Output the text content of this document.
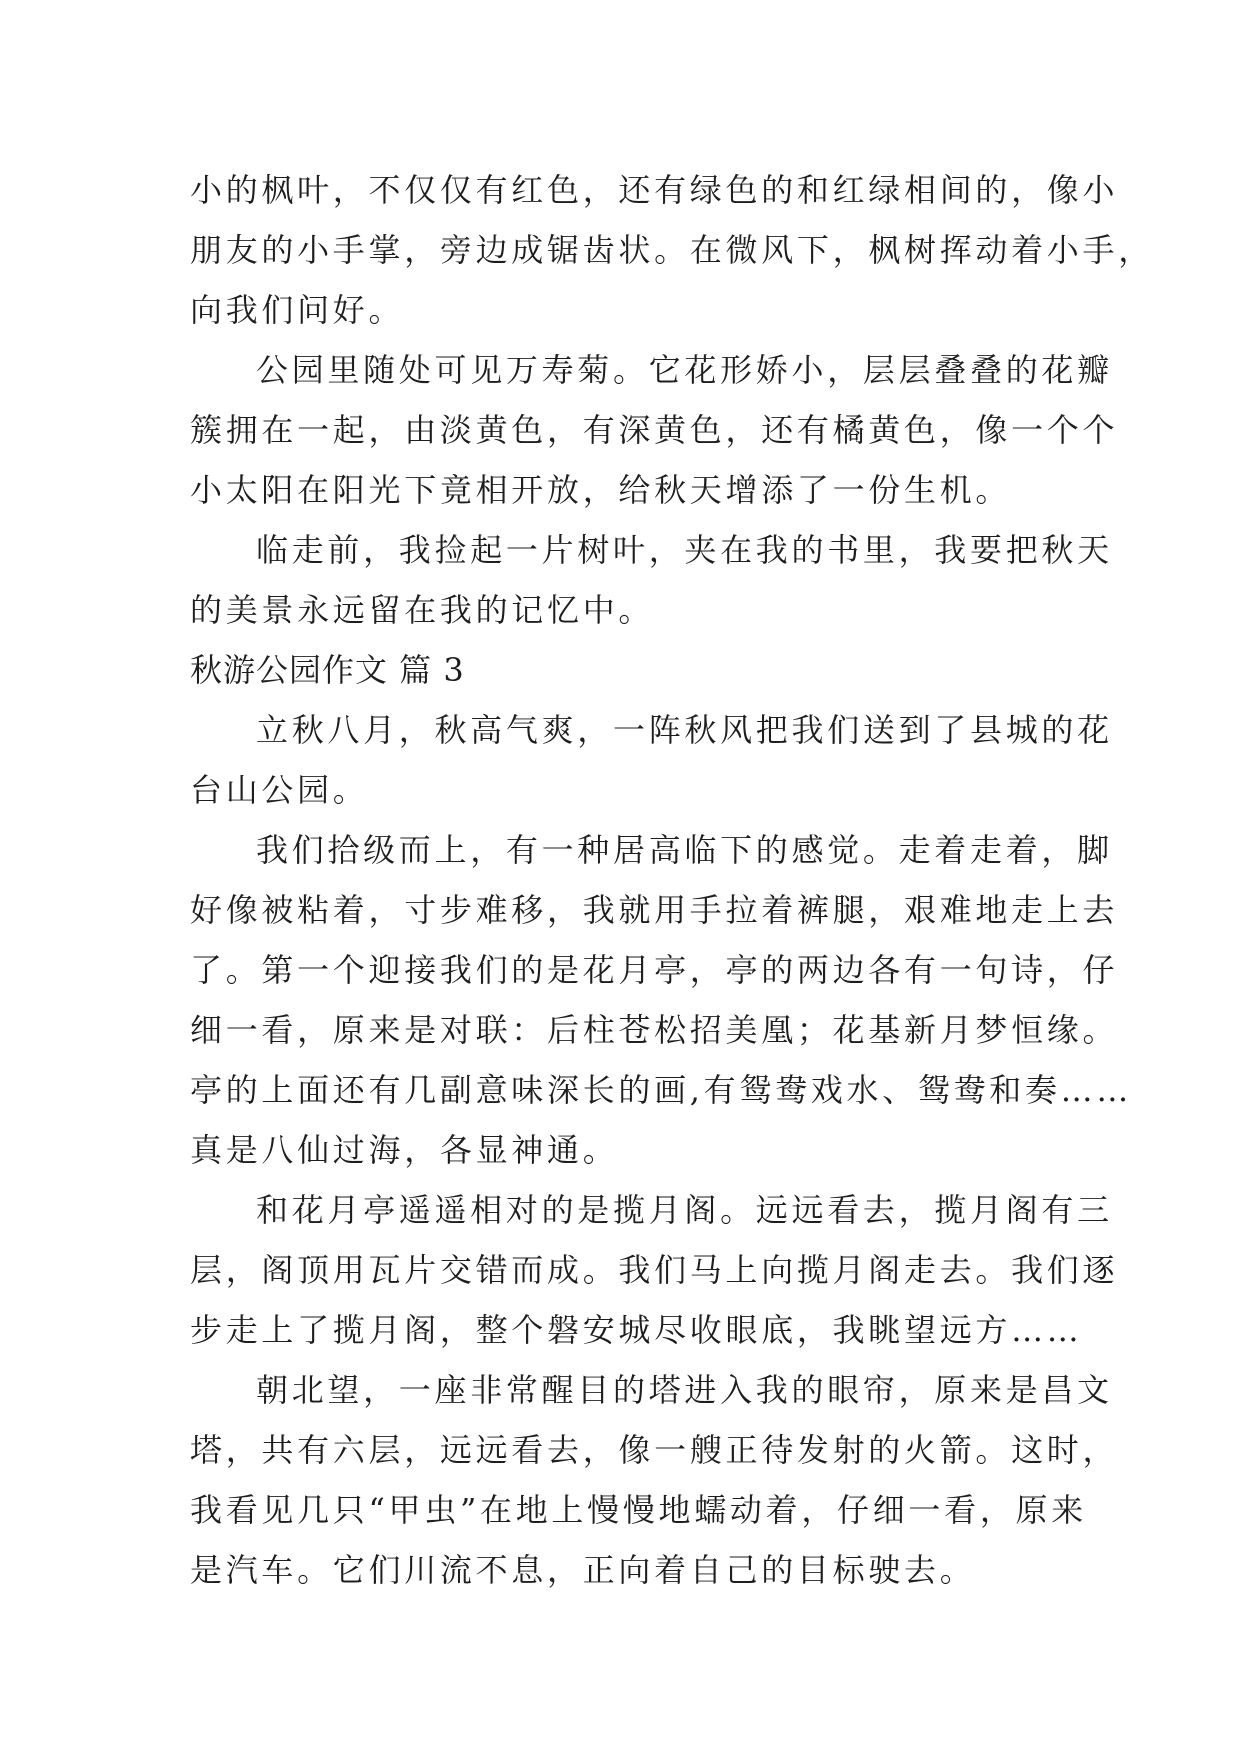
小的枫叶，不仅仅有红色，还有绿色的和红绿相间的，像小
朋友的小手掌，旁边成锯齿状。在微风下，枫树挥动着小手，
向我们问好。
公园里随处可见万寿菊。它花形娇小，层层叠叠的花瓣
簇拥在一起，由淡黄色，有深黄色，还有橘黄色，像一个个
小太阳在阳光下竟相开放，给秋天增添了一份生机。
临走前，我捡起一片树叶，夹在我的书里，我要把秋天
的美景永远留在我的记忆中。
秋游公园作文 篇 3
立秋八月，秋高气爽，一阵秋风把我们送到了县城的花
台山公园。
我们拾级而上，有一种居高临下的感觉。走着走着，脚
好像被粘着，寸步难移，我就用手拉着裤腿，艰难地走上去
了。第一个迎接我们的是花月亭，亭的两边各有一句诗，仔
细一看，原来是对联：后柱苍松招美凰；花基新月梦恒缘。
亭的上面还有几副意味深长的画,有鸳鸯戏水、鸳鸯和奏……
真是八仙过海，各显神通。
和花月亭遥遥相对的是揽月阁。远远看去，揽月阁有三
层，阁顶用瓦片交错而成。我们马上向揽月阁走去。我们逐
步走上了揽月阁，整个磐安城尽收眼底，我眺望远方……
朝北望，一座非常醒目的塔进入我的眼帘，原来是昌文
塔，共有六层，远远看去，像一艘正待发射的火箭。这时，
我看见几只“甲虫”在地上慢慢地蠕动着，仔细一看，原来
是汽车。它们川流不息，正向着自己的目标驶去。
